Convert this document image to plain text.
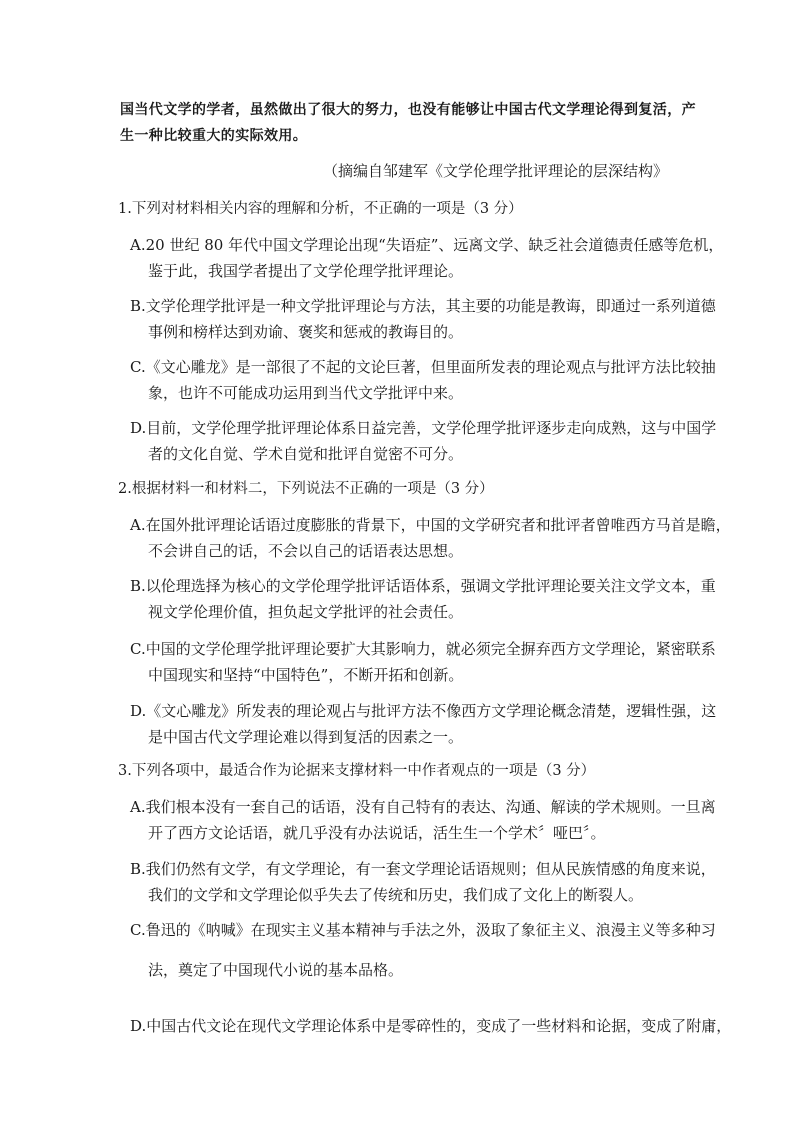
国当代文学的学者，虽然做出了很大的努力，也没有能够让中国古代文学理论得到复活，产
生一种比较重大的实际效用。
（摘编自邹建军《文学伦理学批评理论的层深结构》
1.下列对材料相关内容的理解和分析，不正确的一项是（3 分）
A.20 世纪 80 年代中国文学理论出现“失语症”、远离文学、缺乏社会道德责任感等危机，
鉴于此，我国学者提出了文学伦理学批评理论。
B.文学伦理学批评是一种文学批评理论与方法，其主要的功能是教诲，即通过一系列道德
事例和榜样达到劝谕、褒奖和惩戒的教诲目的。
C.《文心雕龙》是一部很了不起的文论巨著，但里面所发表的理论观点与批评方法比较抽
象，也许不可能成功运用到当代文学批评中来。
D.目前，文学伦理学批评理论体系日益完善，文学伦理学批评逐步走向成熟，这与中国学
者的文化自觉、学术自觉和批评自觉密不可分。
2.根据材料一和材料二，下列说法不正确的一项是（3 分）
A.在国外批评理论话语过度膨胀的背景下，中国的文学研究者和批评者曾唯西方马首是瞻，
不会讲自己的话，不会以自己的话语表达思想。
B.以伦理选择为核心的文学伦理学批评话语体系，强调文学批评理论要关注文学文本，重
视文学伦理价值，担负起文学批评的社会责任。
C.中国的文学伦理学批评理论要扩大其影响力，就必须完全摒弃西方文学理论，紧密联系
中国现实和坚持“中国特色”，不断开拓和创新。
D.《文心雕龙》所发表的理论观占与批评方法不像西方文学理论概念清楚，逻辑性强，这
是中国古代文学理论难以得到复活的因素之一。
3.下列各项中，最适合作为论据来支撑材料一中作者观点的一项是（3 分）
A.我们根本没有一套自己的话语，没有自己特有的表达、沟通、解读的学术规则。一旦离
开了西方文论话语，就几乎没有办法说话，活生生一个学术〞哑巴〞。
B.我们仍然有文学，有文学理论，有一套文学理论话语规则；但从民族情感的角度来说，
我们的文学和文学理论似乎失去了传统和历史，我们成了文化上的断裂人。
C.鲁迅的《呐喊》在现实主义基本精神与手法之外，汲取了象征主义、浪漫主义等多种习
法，奠定了中国现代小说的基本品格。
D.中国古代文论在现代文学理论体系中是零碎性的，变成了一些材料和论据，变成了附庸，
